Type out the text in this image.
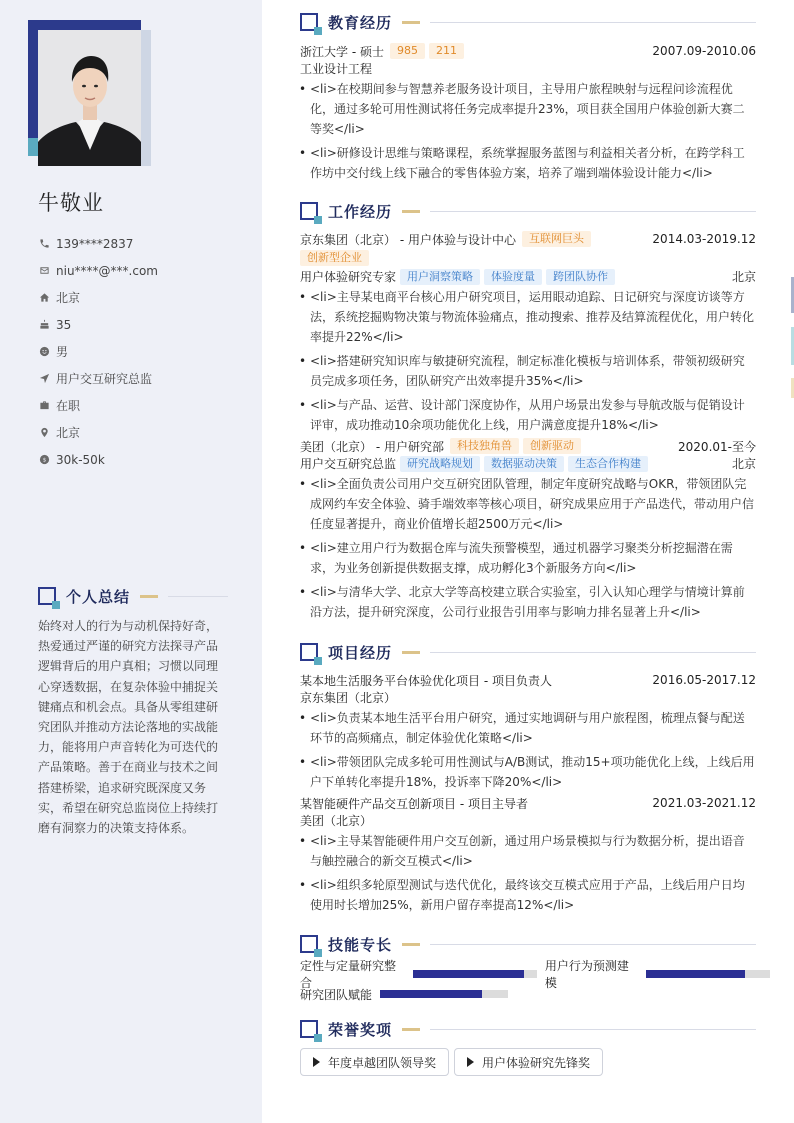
牛敬业
139****2837
niu****@***.com
北京
35
男
用户交互研究总监
在职
北京
$ 30k-50k
个人总结

始终对人的行为与动机保持好奇，热爱通过严谨的研究方法探寻产品逻辑背后的用户真相；习惯以同理心穿透数据，在复杂体验中捕捉关键痛点和机会点。具备从零组建研究团队并推动方法论落地的实战能力，能将用户声音转化为可迭代的产品策略。善于在商业与技术之间搭建桥梁，追求研究既深度又务实，希望在研究总监岗位上持续打磨有洞察力的决策支持体系。

教育经历
浙江大学 - 硕士	985	211	2007.09-2010.06
工业设计工程
• <li>在校期间参与智慧养老服务设计项目，主导用户旅程映射与远程问诊流程优化，通过多轮可用性测试将任务完成率提升23%，项目获全国用户体验创新大赛二等奖</li>
• <li>研修设计思维与策略课程，系统掌握服务蓝图与利益相关者分析，在跨学科工作坊中交付线上线下融合的零售体验方案，培养了端到端体验设计能力</li>
工作经历
京东集团（北京） - 用户体验与设计中心	互联网巨头	2014.03-2019.12
创新型企业
用户体验研究专家	用户洞察策略	体验度量	跨团队协作	北京
• <li>主导某电商平台核心用户研究项目，运用眼动追踪、日记研究与深度访谈等方法，系统挖掘购物决策与物流体验痛点，推动搜索、推荐及结算流程优化，用户转化率提升22%</li>
• <li>搭建研究知识库与敏捷研究流程，制定标准化模板与培训体系，带领初级研究员完成多项任务，团队研究产出效率提升35%</li>
• <li>与产品、运营、设计部门深度协作，从用户场景出发参与导航改版与促销设计评审，成功推动10余项功能优化上线，用户满意度提升18%</li>
美团（北京） - 用户研究部	科技独角兽	创新驱动	2020.01-至今
用户交互研究总监	研究战略规划	数据驱动决策	生态合作构建	北京
• <li>全面负责公司用户交互研究团队管理，制定年度研究战略与OKR，带领团队完成网约车安全体验、骑手端效率等核心项目，研究成果应用于产品迭代，带动用户信任度显著提升，商业价值增长超2500万元</li>
• <li>建立用户行为数据仓库与流失预警模型，通过机器学习聚类分析挖掘潜在需求，为业务创新提供数据支撑，成功孵化3个新服务方向</li>
• <li>与清华大学、北京大学等高校建立联合实验室，引入认知心理学与情境计算前沿方法，提升研究深度，公司行业报告引用率与影响力排名显著上升</li>
项目经历
某本地生活服务平台体验优化项目 - 项目负责人	2016.05-2017.12
京东集团（北京）
• <li>负责某本地生活平台用户研究，通过实地调研与用户旅程图，梳理点餐与配送环节的高频痛点，制定体验优化策略</li>
• <li>带领团队完成多轮可用性测试与A/B测试，推动15+项功能优化上线，上线后用户下单转化率提升18%，投诉率下降20%</li>
某智能硬件产品交互创新项目 - 项目主导者	2021.03-2021.12
美团（北京）
• <li>主导某智能硬件用户交互创新，通过用户场景模拟与行为数据分析，提出语音与触控融合的新交互模式</li>
• <li>组织多轮原型测试与迭代优化，最终该交互模式应用于产品，上线后用户日均使用时长增加25%，新用户留存率提高12%</li>
技能专长
定性与定量研究整合
用户行为预测建模
研究团队赋能
荣誉奖项
年度卓越团队领导奖	用户体验研究先锋奖
